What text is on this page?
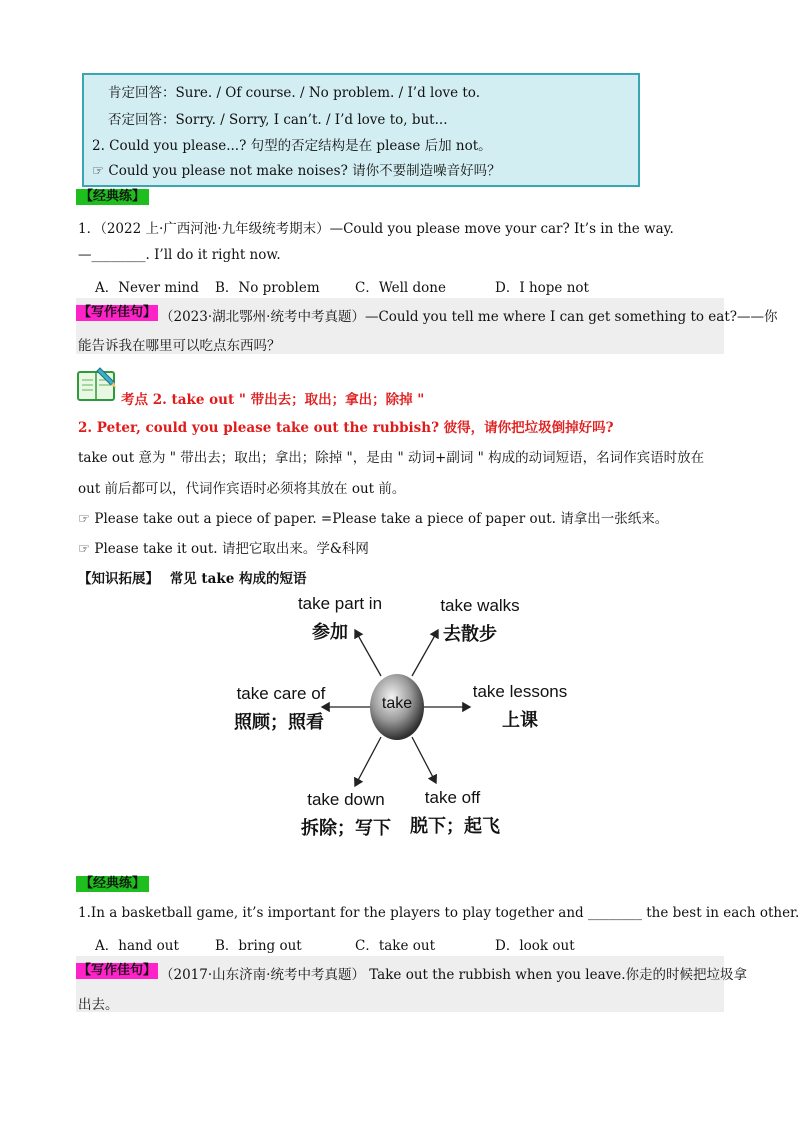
肯定回答：Sure. / Of course. / No problem. / I’d love to.
否定回答：Sorry. / Sorry, I can’t. / I’d love to, but...
2. Could you please...? 句型的否定结构是在 please 后加 not。
☞ Could you please not make noises? 请你不要制造噪音好吗？
【经典练】
1．（2022 上·广西河池·九年级统考期末）—Could you please move your car? It’s in the way.
—________. I’ll do it right now.
A．Never mind B．No problem	C．Well done	D．I hope not
【写作佳句】 （2023·湖北鄂州·统考中考真题）—Could you tell me where I can get something to eat?——你
能告诉我在哪里可以吃点东西吗？
考点 2. take out " 带出去；取出；拿出；除掉 "
2. Peter, could you please take out the rubbish? 彼得，请你把垃圾倒掉好吗?
take out 意为 " 带出去；取出；拿出；除掉 "，是由 " 动词+副词 " 构成的动词短语，名词作宾语时放在
out 前后都可以，代词作宾语时必须将其放在 out 前。
☞ Please take out a piece of paper. =Please take a piece of paper out. 请拿出一张纸来。
☞ Please take it out. 请把它取出来。学&科网
【知识拓展】 常见 take 构成的短语
take
take part in
参加
take walks
去散步
take care of
照顾；照看
take lessons
上课
take down
拆除；写下
take off
脱下；起飞
【经典练】
1.In a basketball game, it’s important for the players to play together and ________ the best in each other.
A．hand out	B．bring out	C．take out	D．look out
【写作佳句】 （2017·山东济南·统考中考真题） Take out the rubbish when you leave.你走的时候把垃圾拿
出去。
